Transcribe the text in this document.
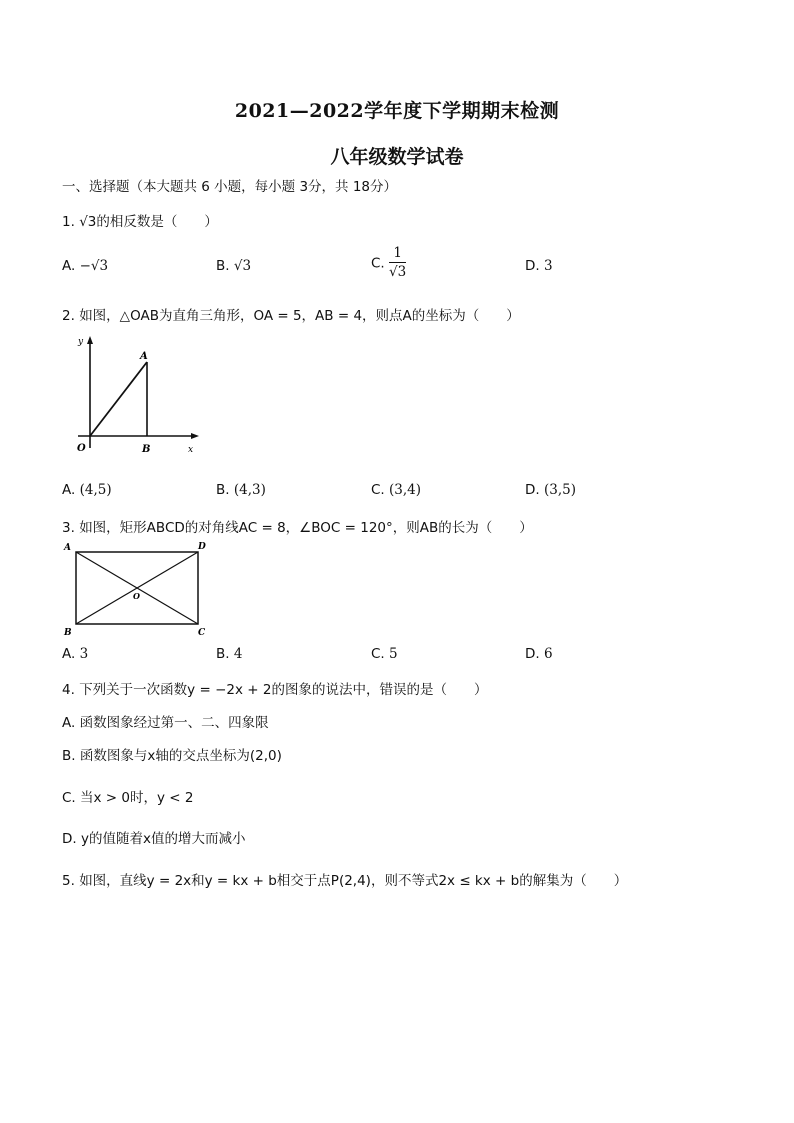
2021—2022学年度下学期期末检测
八年级数学试卷
一、选择题（本大题共 6 小题，每小题 3分，共 18分）
1. √3的相反数是（　　）
A. −√3	B. √3	C. $\frac{1}{√3}$	D. 3
2. 如图，△OAB为直角三角形，OA = 5，AB = 4，则点A的坐标为（　　）
y
x
O
A
B
A. (4,5)	B. (4,3)	C. (3,4)	D. (3,5)
3. 如图，矩形ABCD的对角线AC = 8，∠BOC = 120°，则AB的长为（　　）
A	D
B	C
O
A. 3	B. 4	C. 5	D. 6
4. 下列关于一次函数y = −2x + 2的图象的说法中，错误的是（　　）
A. 函数图象经过第一、二、四象限
B. 函数图象与x轴的交点坐标为(2,0)
C. 当x > 0时，y < 2
D. y的值随着x值的增大而减小
5. 如图，直线y = 2x和y = kx + b相交于点P(2,4)，则不等式2x ≤ kx + b的解集为（　　）
